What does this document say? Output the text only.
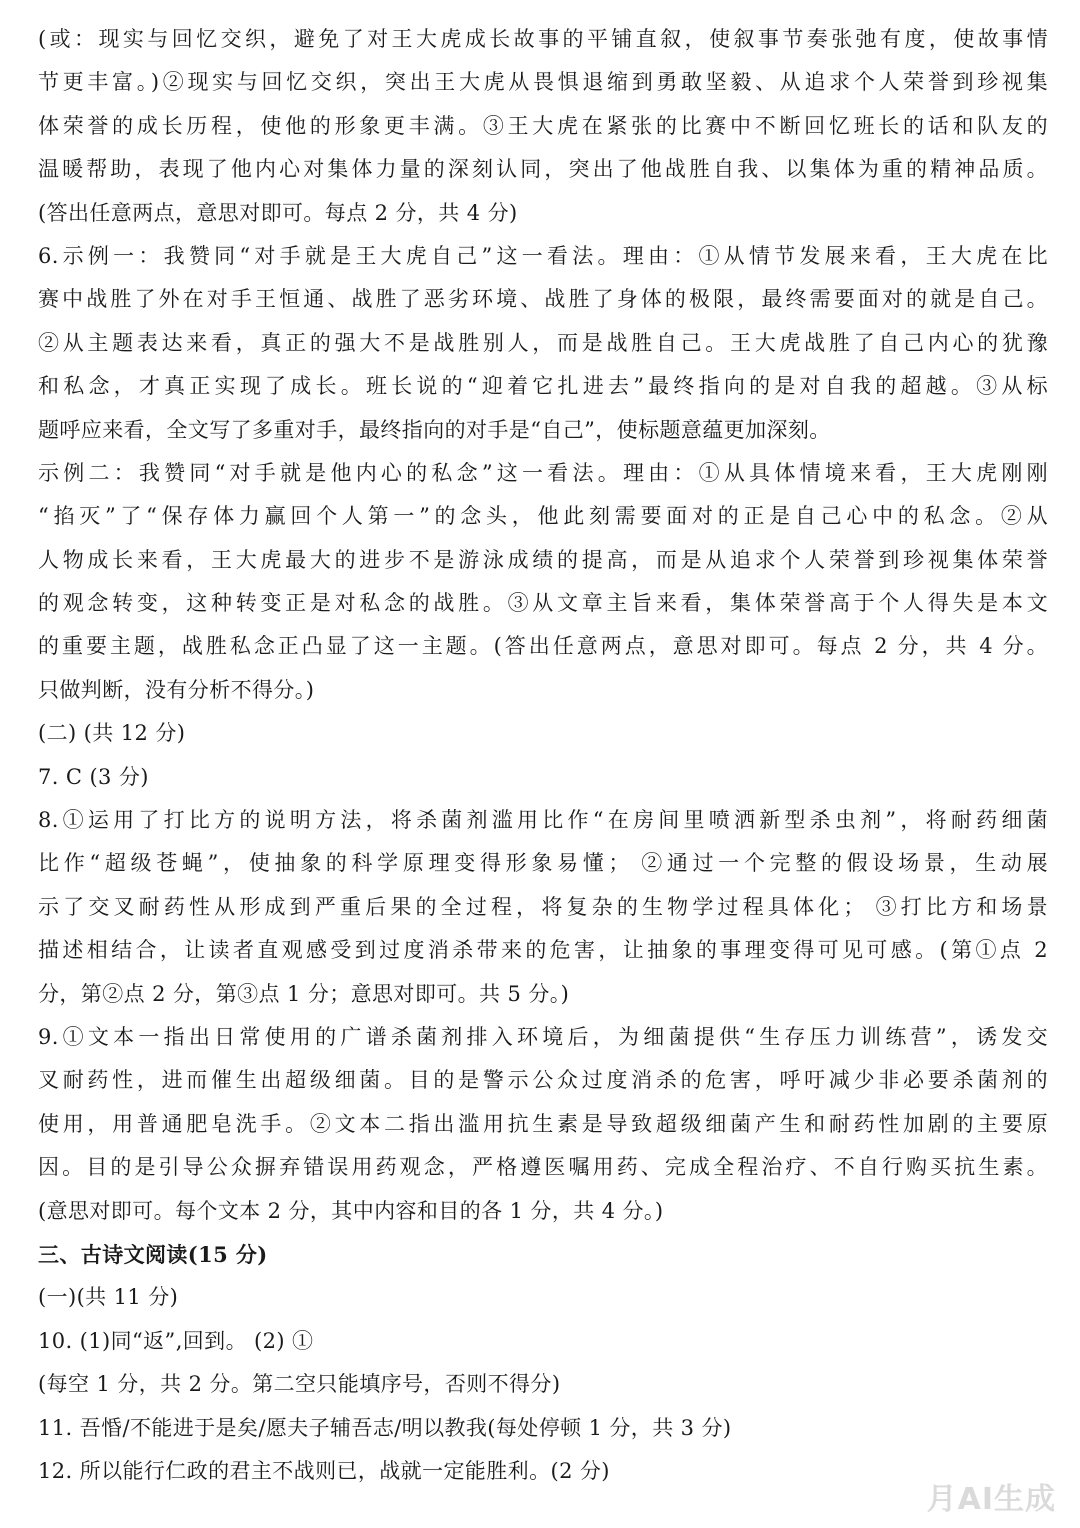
(或：现实与回忆交织，避免了对王大虎成长故事的平铺直叙，使叙事节奏张弛有度，使故事情
节更丰富。)②现实与回忆交织，突出王大虎从畏惧退缩到勇敢坚毅、从追求个人荣誉到珍视集
体荣誉的成长历程，使他的形象更丰满。③王大虎在紧张的比赛中不断回忆班长的话和队友的
温暖帮助，表现了他内心对集体力量的深刻认同，突出了他战胜自我、以集体为重的精神品质。
(答出任意两点，意思对即可。每点 2 分，共 4 分)
6.示例一：我赞同“对手就是王大虎自己”这一看法。理由：①从情节发展来看，王大虎在比
赛中战胜了外在对手王恒通、战胜了恶劣环境、战胜了身体的极限，最终需要面对的就是自己。
②从主题表达来看，真正的强大不是战胜别人，而是战胜自己。王大虎战胜了自己内心的犹豫
和私念，才真正实现了成长。班长说的“迎着它扎进去”最终指向的是对自我的超越。③从标
题呼应来看，全文写了多重对手，最终指向的对手是“自己”，使标题意蕴更加深刻。
示例二：我赞同“对手就是他内心的私念”这一看法。理由：①从具体情境来看，王大虎刚刚
“掐灭”了“保存体力赢回个人第一”的念头，他此刻需要面对的正是自己心中的私念。②从
人物成长来看，王大虎最大的进步不是游泳成绩的提高，而是从追求个人荣誉到珍视集体荣誉
的观念转变，这种转变正是对私念的战胜。③从文章主旨来看，集体荣誉高于个人得失是本文
的重要主题，战胜私念正凸显了这一主题。(答出任意两点，意思对即可。每点 2 分，共 4 分。
只做判断，没有分析不得分。)
(二) (共 12 分)
7. C (3 分)
8.①运用了打比方的说明方法，将杀菌剂滥用比作“在房间里喷洒新型杀虫剂”，将耐药细菌
比作“超级苍蝇”，使抽象的科学原理变得形象易懂； ②通过一个完整的假设场景，生动展
示了交叉耐药性从形成到严重后果的全过程，将复杂的生物学过程具体化； ③打比方和场景
描述相结合，让读者直观感受到过度消杀带来的危害，让抽象的事理变得可见可感。(第①点 2
分，第②点 2 分，第③点 1 分；意思对即可。共 5 分。)
9.①文本一指出日常使用的广谱杀菌剂排入环境后，为细菌提供“生存压力训练营”，诱发交
叉耐药性，进而催生出超级细菌。目的是警示公众过度消杀的危害，呼吁减少非必要杀菌剂的
使用，用普通肥皂洗手。②文本二指出滥用抗生素是导致超级细菌产生和耐药性加剧的主要原
因。目的是引导公众摒弃错误用药观念，严格遵医嘱用药、完成全程治疗、不自行购买抗生素。
(意思对即可。每个文本 2 分，其中内容和目的各 1 分，共 4 分。)
三、古诗文阅读(15 分)
(一)(共 11 分)
10. (1)同“返”,回到。 (2) ①
(每空 1 分，共 2 分。第二空只能填序号，否则不得分)
11. 吾惛/不能进于是矣/愿夫子辅吾志/明以教我(每处停顿 1 分，共 3 分)
12. 所以能行仁政的君主不战则已，战就一定能胜利。(2 分)
月AI生成
